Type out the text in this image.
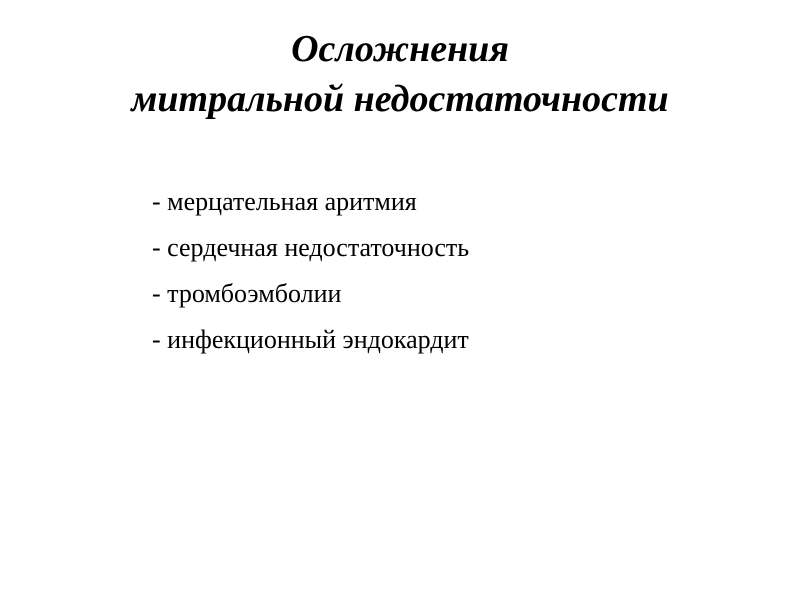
Осложнения
митральной недостаточности
- мерцательная аритмия
- сердечная недостаточность
- тромбоэмболии
- инфекционный эндокардит
